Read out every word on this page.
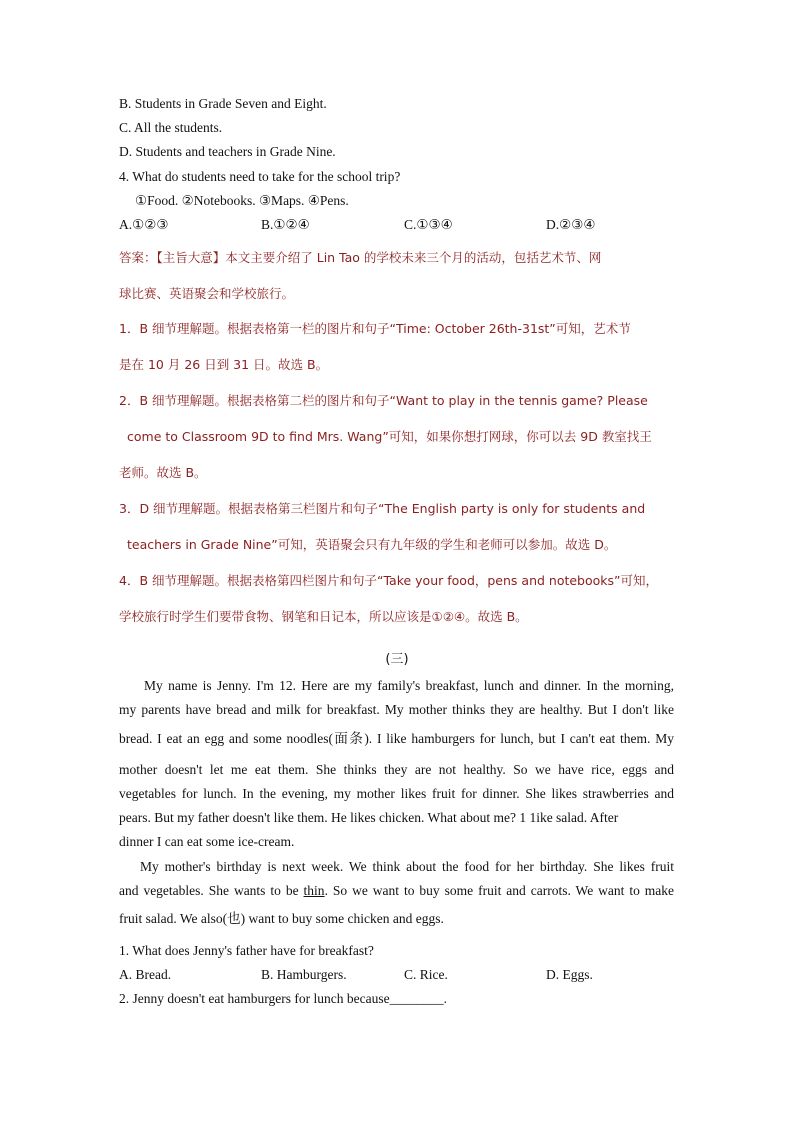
B. Students in Grade Seven and Eight.
C. All the students.
D. Students and teachers in Grade Nine.
4. What do students need to take for the school trip?
①Food. ②Notebooks. ③Maps. ④Pens.
A.①②③	B.①②④	C.①③④	D.②③④
答案：【主旨大意】本文主要介绍了 Lin Tao 的学校未来三个月的活动，包括艺术节、网
球比赛、英语聚会和学校旅行。
1．B 细节理解题。根据表格第一栏的图片和句子“Time: October 26th-31st”可知，艺术节
是在 10 月 26 日到 31 日。故选 B。
2．B 细节理解题。根据表格第二栏的图片和句子“Want to play in the tennis game? Please
come to Classroom 9D to find Mrs. Wang”可知，如果你想打网球，你可以去 9D 教室找王
老师。故选 B。
3．D 细节理解题。根据表格第三栏图片和句子“The English party is only for students and
teachers in Grade Nine”可知，英语聚会只有九年级的学生和老师可以参加。故选 D。
4．B 细节理解题。根据表格第四栏图片和句子“Take your food，pens and notebooks”可知，
学校旅行时学生们要带食物、钢笔和日记本，所以应该是①②④。故选 B。
(三)
My name is Jenny. I'm 12. Here are my family's breakfast, lunch and dinner. In the morning,
my parents have bread and milk for breakfast. My mother thinks they are healthy. But I don't like
bread. I eat an egg and some noodles(面条). I like hamburgers for lunch, but I can't eat them. My
mother doesn't let me eat them. She thinks they are not healthy. So we have rice, eggs and
vegetables for lunch. In the evening, my mother likes fruit for dinner. She likes strawberries and
pears. But my father doesn't like them. He likes chicken. What about me? 1 1ike salad. After
dinner I can eat some ice-cream.
My mother's birthday is next week. We think about the food for her birthday. She likes fruit
and vegetables. She wants to be thin. So we want to buy some fruit and carrots. We want to make
fruit salad. We also(也) want to buy some chicken and eggs.
1. What does Jenny's father have for breakfast?
A. Bread.	B. Hamburgers.	C. Rice.	D. Eggs.
2. Jenny doesn't eat hamburgers for lunch because________.
